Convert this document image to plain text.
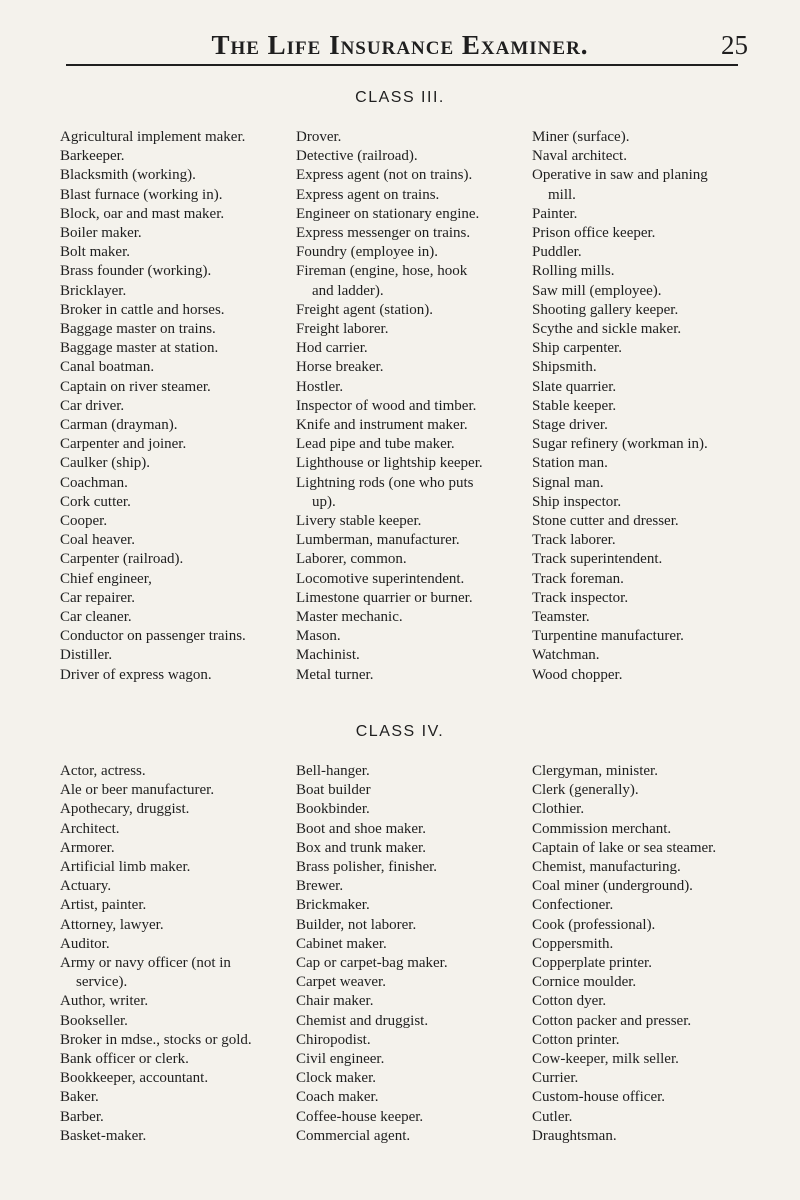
The Life Insurance Examiner.	25
CLASS III.
Agricultural implement maker.
Barkeeper.
Blacksmith (working).
Blast furnace (working in).
Block, oar and mast maker.
Boiler maker.
Bolt maker.
Brass founder (working).
Bricklayer.
Broker in cattle and horses.
Baggage master on trains.
Baggage master at station.
Canal boatman.
Captain on river steamer.
Car driver.
Carman (drayman).
Carpenter and joiner.
Caulker (ship).
Coachman.
Cork cutter.
Cooper.
Coal heaver.
Carpenter (railroad).
Chief engineer,
Car repairer.
Car cleaner.
Conductor on passenger trains.
Distiller.
Driver of express wagon.
Drover.
Detective (railroad).
Express agent (not on trains).
Express agent on trains.
Engineer on stationary engine.
Express messenger on trains.
Foundry (employee in).
Fireman (engine, hose, hook
and ladder).
Freight agent (station).
Freight laborer.
Hod carrier.
Horse breaker.
Hostler.
Inspector of wood and timber.
Knife and instrument maker.
Lead pipe and tube maker.
Lighthouse or lightship keeper.
Lightning rods (one who puts
up).
Livery stable keeper.
Lumberman, manufacturer.
Laborer, common.
Locomotive superintendent.
Limestone quarrier or burner.
Master mechanic.
Mason.
Machinist.
Metal turner.
Miner (surface).
Naval architect.
Operative in saw and planing
mill.
Painter.
Prison office keeper.
Puddler.
Rolling mills.
Saw mill (employee).
Shooting gallery keeper.
Scythe and sickle maker.
Ship carpenter.
Shipsmith.
Slate quarrier.
Stable keeper.
Stage driver.
Sugar refinery (workman in).
Station man.
Signal man.
Ship inspector.
Stone cutter and dresser.
Track laborer.
Track superintendent.
Track foreman.
Track inspector.
Teamster.
Turpentine manufacturer.
Watchman.
Wood chopper.
CLASS IV.
Actor, actress.
Ale or beer manufacturer.
Apothecary, druggist.
Architect.
Armorer.
Artificial limb maker.
Actuary.
Artist, painter.
Attorney, lawyer.
Auditor.
Army or navy officer (not in
service).
Author, writer.
Bookseller.
Broker in mdse., stocks or gold.
Bank officer or clerk.
Bookkeeper, accountant.
Baker.
Barber.
Basket-maker.
Bell-hanger.
Boat builder
Bookbinder.
Boot and shoe maker.
Box and trunk maker.
Brass polisher, finisher.
Brewer.
Brickmaker.
Builder, not laborer.
Cabinet maker.
Cap or carpet-bag maker.
Carpet weaver.
Chair maker.
Chemist and druggist.
Chiropodist.
Civil engineer.
Clock maker.
Coach maker.
Coffee-house keeper.
Commercial agent.
Clergyman, minister.
Clerk (generally).
Clothier.
Commission merchant.
Captain of lake or sea steamer.
Chemist, manufacturing.
Coal miner (underground).
Confectioner.
Cook (professional).
Coppersmith.
Copperplate printer.
Cornice moulder.
Cotton dyer.
Cotton packer and presser.
Cotton printer.
Cow-keeper, milk seller.
Currier.
Custom-house officer.
Cutler.
Draughtsman.
